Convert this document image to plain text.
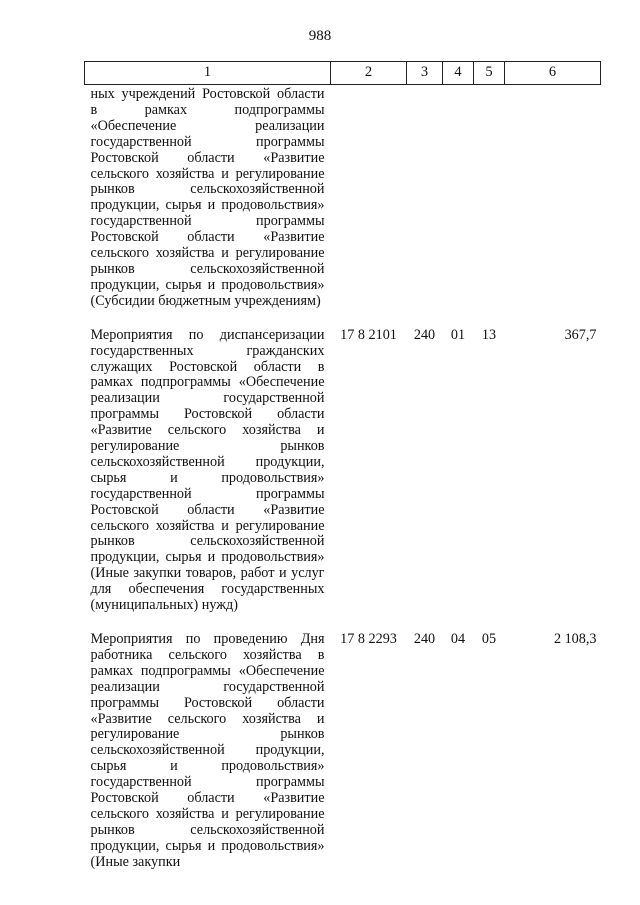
988
1	2	3	4	5	6
ных учреждений Ростовской области в рамках подпрограммы «Обеспечение реализации государственной программы Ростовской области «Развитие сельского хозяйства и регулирование рынков сельскохозяйственной продукции, сырья и продовольствия» государственной программы Ростовской области «Развитие сельского хозяйства и регулирование рынков сельскохозяйственной продукции, сырья и продовольствия» (Субсидии бюджетным учреждениям)					
Мероприятия по диспансеризации государственных гражданских служащих Ростовской области в рамках подпрограммы «Обеспечение реализации государственной программы Ростовской области «Развитие сельского хозяйства и регулирование рынков сельскохозяйственной продукции, сырья и продовольствия» государственной программы Ростовской области «Развитие сельского хозяйства и регулирование рынков сельскохозяйственной продукции, сырья и продовольствия» (Иные закупки товаров, работ и услуг для обеспечения государственных (муниципальных) нужд)	17 8 2101	240	01	13	367,7
Мероприятия по проведению Дня работника сельского хозяйства в рамках подпрограммы «Обеспечение реализации государственной программы Ростовской области «Развитие сельского хозяйства и регулирование рынков сельскохозяйственной продукции, сырья и продовольствия» государственной программы Ростовской области «Развитие сельского хозяйства и регулирование рынков сельскохозяйственной продукции, сырья и продовольствия» (Иные закупки	17 8 2293	240	04	05	2 108,3
